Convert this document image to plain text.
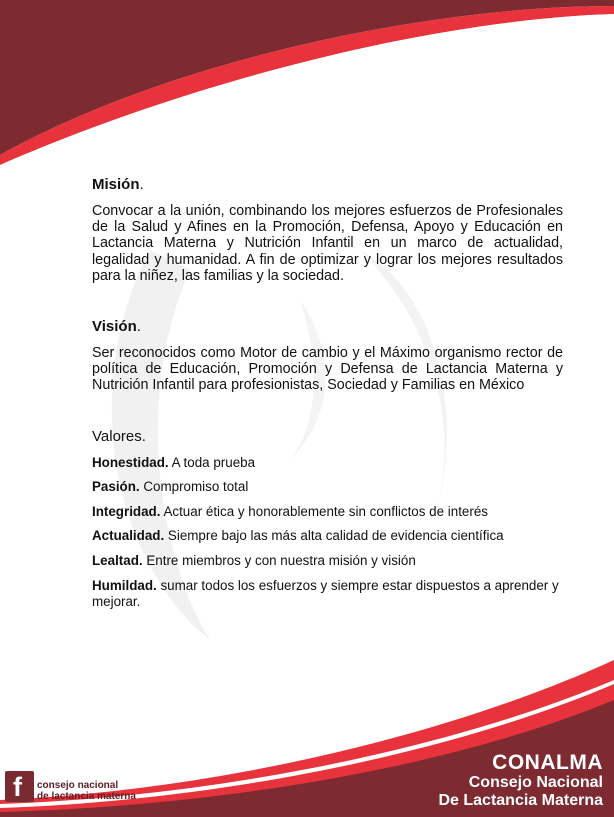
Misión.

Convocar a la unión, combinando los mejores esfuerzos de Profesionales de la Salud y Afines en la Promoción, Defensa, Apoyo y Educación en Lactancia Materna y Nutrición Infantil en un marco de actualidad, legalidad y humanidad. A fin de optimizar y lograr los mejores resultados para la niñez, las familias y la sociedad.

Visión.

Ser reconocidos como Motor de cambio y el Máximo organismo rector de política de Educación, Promoción y Defensa de Lactancia Materna y Nutrición Infantil para profesionistas, Sociedad y Familias en México

Valores.

Honestidad. A toda prueba

Pasión. Compromiso total

Integridad. Actuar ética y honorablemente sin conflictos de interés

Actualidad. Siempre bajo las más alta calidad de evidencia científica

Lealtad. Entre miembros y con nuestra misión y visión

Humildad. sumar todos los esfuerzos y siempre estar dispuestos a aprender y mejorar.

f consejo nacional
de lactancia materna
CONALMA
Consejo Nacional
De Lactancia Materna
